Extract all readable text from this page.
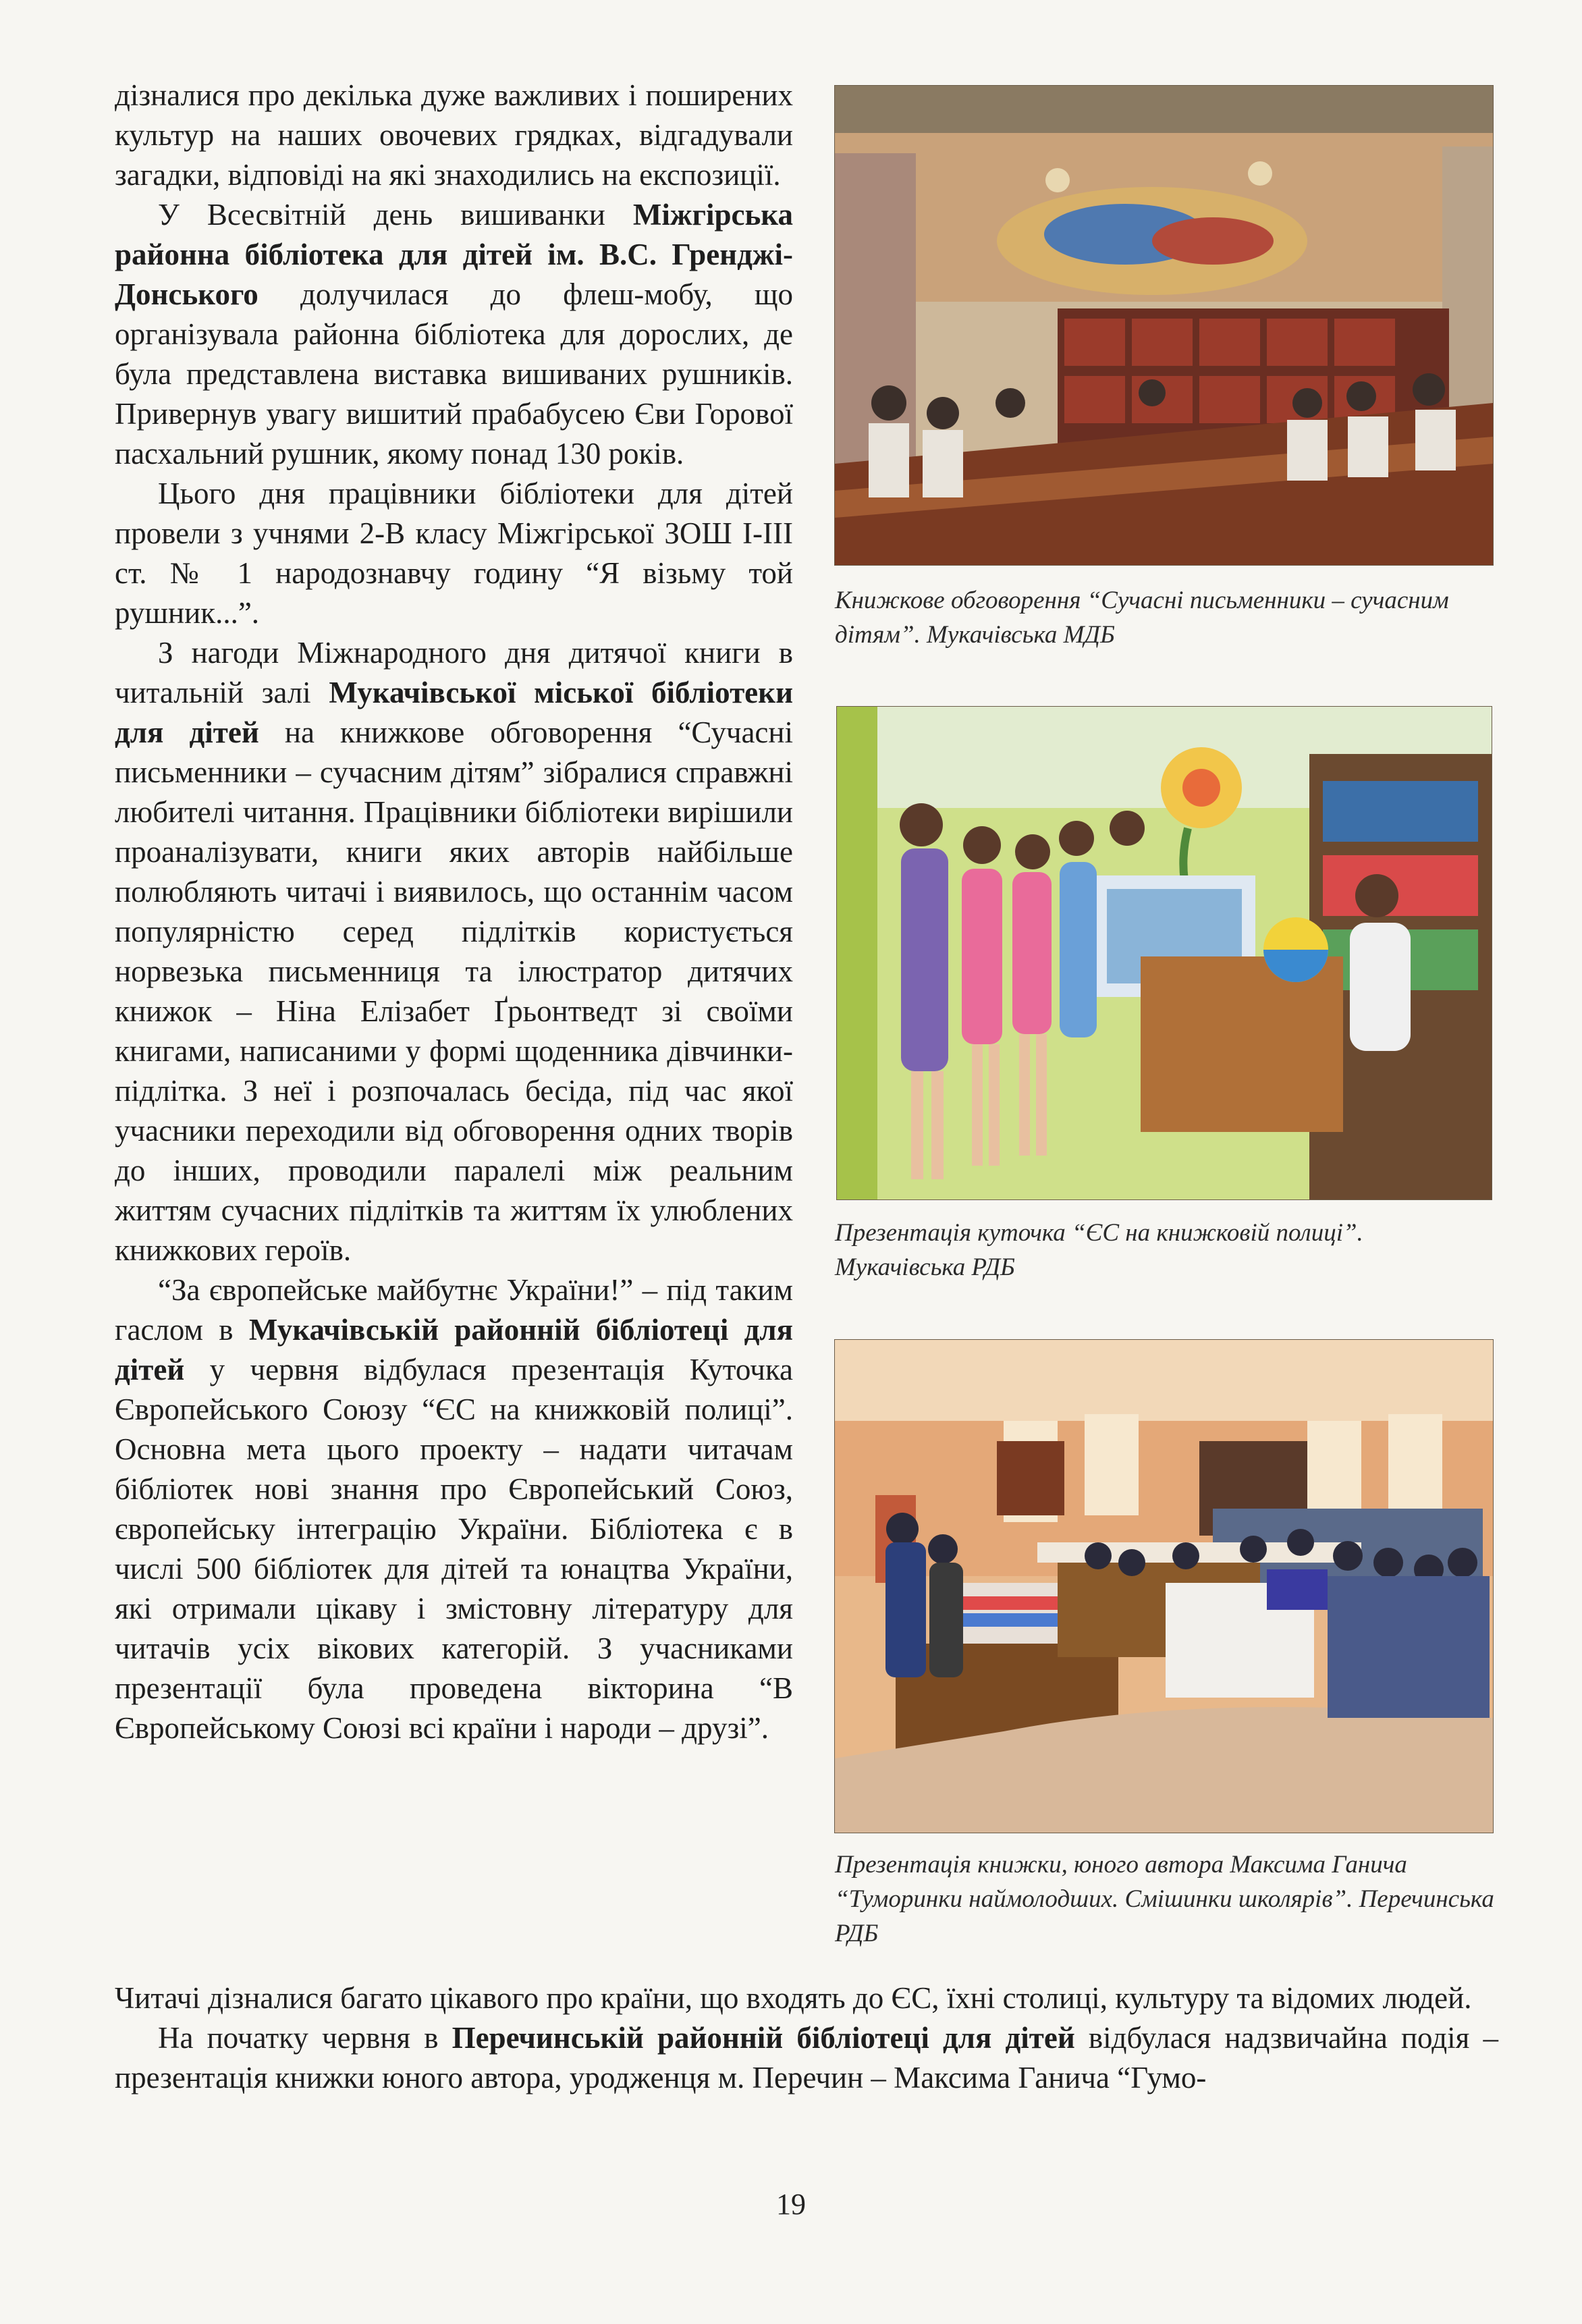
дізналися про декілька дуже важливих і поширених культур на наших овочевих грядках, відгадували загадки, відповіді на які знаходились на експозиції.

У Всесвітній день вишиванки Міжгірська районна бібліотека для дітей ім. В.С. Гренджі-Донського долучилася до флеш-мобу, що організувала районна бібліотека для дорослих, де була представлена виставка вишиваних рушників. Привернув увагу вишитий прабабусею Єви Горової пасхальний рушник, якому понад 130 років.

Цього дня працівники бібліотеки для дітей провели з учнями 2-В класу Міжгірської ЗОШ І-ІІІ ст. № 1 народознавчу годину “Я візьму той рушник...”.

З нагоди Міжнародного дня дитячої книги в читальній залі Мукачівської міської бібліотеки для дітей на книжкове обговорення “Сучасні письменники – сучасним дітям” зібралися справжні любителі читання. Працівники бібліотеки вирішили проаналізувати, книги яких авторів найбільше полюбляють читачі і виявилось, що останнім часом популярністю серед підлітків користується норвезька письменниця та ілюстратор дитячих книжок – Ніна Елізабет Ґрьонтведт зі своїми книгами, написаними у формі щоденника дівчинки-підлітка. З неї і розпочалась бесіда, під час якої учасники переходили від обговорення одних творів до інших, проводили паралелі між реальним життям сучасних підлітків та життям їх улюблених книжкових героїв.

“За європейське майбутнє України!” – під таким гаслом в Мукачівській районній бібліотеці для дітей у червня відбулася презентація Куточка Європейського Союзу “ЄС на книжковій полиці”. Основна мета цього проекту – надати читачам бібліотек нові знання про Європейський Союз, європейську інтеграцію України. Бібліотека є в числі 500 бібліотек для дітей та юнацтва України, які отримали цікаву і змістовну літературу для читачів усіх вікових категорій. З учасниками презентації була проведена вікторина “В Європейському Союзі всі країни і народи – друзі”.

Книжкове обговорення “Сучасні письменники – сучасним дітям”. Мукачівська МДБ
Презентація куточка “ЄС на книжковій полиці”. Мукачівська РДБ
Презентація книжки, юного автора Максима Ганича “Туморинки наймолодших. Смішинки школярів”. Перечинська РДБ

Читачі дізналися багато цікавого про країни, що входять до ЄС, їхні столиці, культуру та відомих людей.

На початку червня в Перечинській районній бібліотеці для дітей відбулася надзвичайна подія – презентація книжки юного автора, уродженця м. Перечин – Максима Ганича “Гумо-

19
